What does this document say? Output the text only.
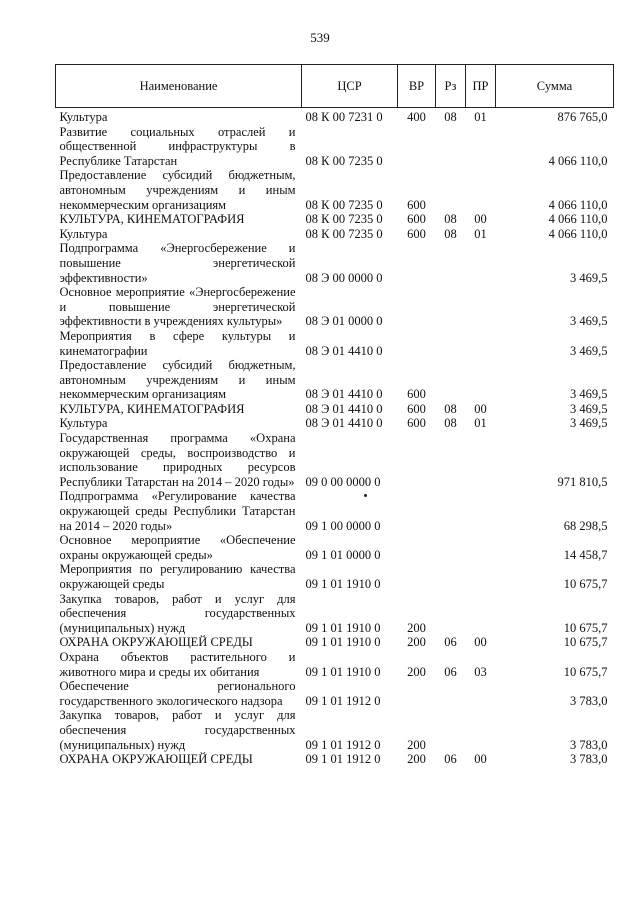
539
Наименование	ЦСР	ВР	Рз	ПР	Сумма
Культура	08 К 00 7231 0	400	08	01	876 765,0
Развитие социальных отраслей и общественной инфраструктуры в Республике Татарстан	08 К 00 7235 0				4 066 110,0
Предоставление субсидий бюджетным, автономным учреждениям и иным некоммерческим организациям	08 К 00 7235 0	600			4 066 110,0
КУЛЬТУРА, КИНЕМАТОГРАФИЯ	08 К 00 7235 0	600	08	00	4 066 110,0
Культура	08 К 00 7235 0	600	08	01	4 066 110,0
Подпрограмма «Энергосбережение и повышение энергетической эффективности»	08 Э 00 0000 0				3 469,5
Основное мероприятие «Энергосбережение и повышение энергетической эффективности в учреждениях культуры»	08 Э 01 0000 0				3 469,5
Мероприятия в сфере культуры и кинематографии	08 Э 01 4410 0				3 469,5
Предоставление субсидий бюджетным, автономным учреждениям и иным некоммерческим организациям	08 Э 01 4410 0	600			3 469,5
КУЛЬТУРА, КИНЕМАТОГРАФИЯ	08 Э 01 4410 0	600	08	00	3 469,5
Культура	08 Э 01 4410 0	600	08	01	3 469,5
Государственная программа «Охрана окружающей среды, воспроизводство и использование природных ресурсов Республики Татарстан на 2014 – 2020 годы»	09 0 00 0000 0				971 810,5
Подпрограмма «Регулирование качества окружающей среды Республики Татарстан на 2014 – 2020 годы»	09 1 00 0000 0				68 298,5
Основное мероприятие «Обеспечение охраны окружающей среды»	09 1 01 0000 0				14 458,7
Мероприятия по регулированию качества окружающей среды	09 1 01 1910 0				10 675,7
Закупка товаров, работ и услуг для обеспечения государственных (муниципальных) нужд	09 1 01 1910 0	200			10 675,7
ОХРАНА ОКРУЖАЮЩЕЙ СРЕДЫ	09 1 01 1910 0	200	06	00	10 675,7
Охрана объектов растительного и животного мира и среды их обитания	09 1 01 1910 0	200	06	03	10 675,7
Обеспечение регионального государственного экологического надзора	09 1 01 1912 0				3 783,0
Закупка товаров, работ и услуг для обеспечения государственных (муниципальных) нужд	09 1 01 1912 0	200			3 783,0
ОХРАНА ОКРУЖАЮЩЕЙ СРЕДЫ	09 1 01 1912 0	200	06	00	3 783,0
